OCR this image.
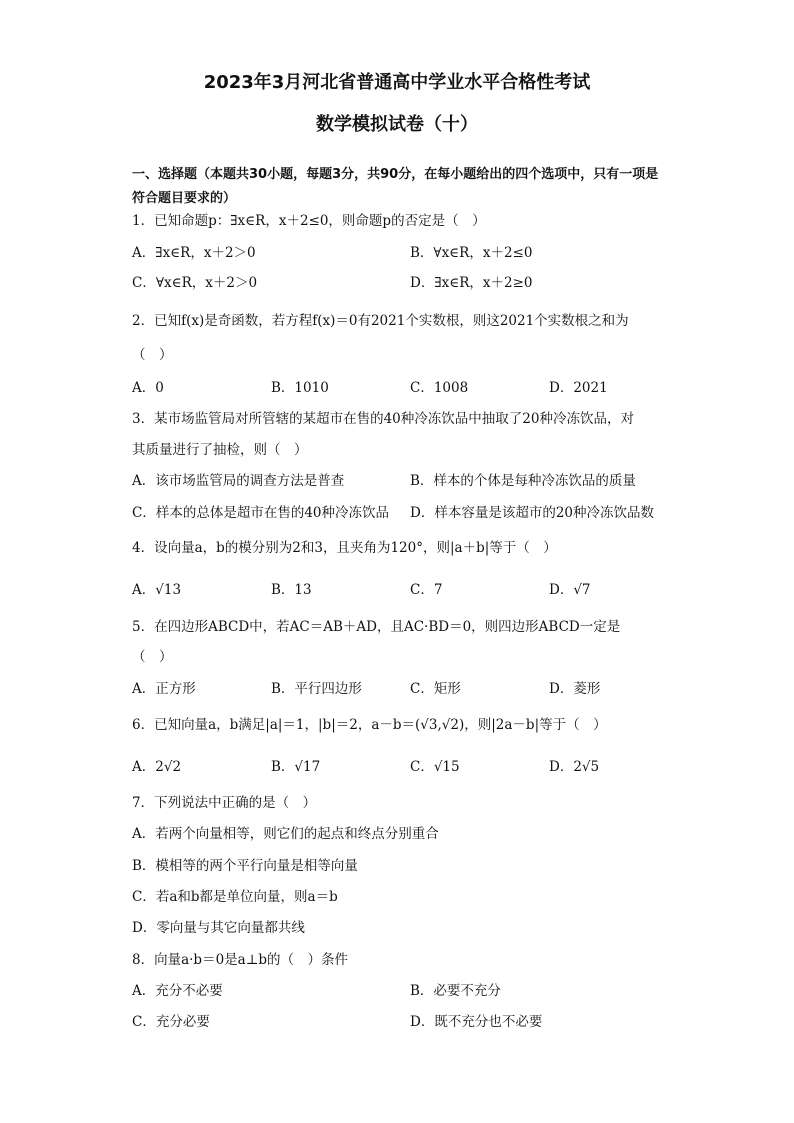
2023年3月河北省普通高中学业水平合格性考试
数学模拟试卷（十）
一、选择题（本题共30小题，每题3分，共90分，在每小题给出的四个选项中，只有一项是符合题目要求的）
1．已知命题p：∃x∈R，x＋2≤0，则命题p的否定是（　）
A．∃x∈R，x＋2＞0	B．∀x∈R，x＋2≤0
C．∀x∈R，x＋2＞0	D．∃x∈R，x＋2≥0
2．已知f(x)是奇函数，若方程f(x)＝0有2021个实数根，则这2021个实数根之和为
（　）
A．0	B．1010	C．1008	D．2021
3．某市场监管局对所管辖的某超市在售的40种冷冻饮品中抽取了20种冷冻饮品，对
其质量进行了抽检，则（　）
A．该市场监管局的调查方法是普查	B．样本的个体是每种冷冻饮品的质量
C．样本的总体是超市在售的40种冷冻饮品 D．样本容量是该超市的20种冷冻饮品数
4．设向量a，b的模分别为2和3，且夹角为120°，则|a＋b|等于（　）
A．√13	B．13	C．7	D．√7
5．在四边形ABCD中，若AC＝AB＋AD，且AC·BD＝0，则四边形ABCD一定是
（　）
A．正方形	B．平行四边形	C．矩形	D．菱形
6．已知向量a，b满足|a|＝1，|b|＝2，a－b＝(√3,√2)，则|2a－b|等于（　）
A．2√2	B．√17	C．√15	D．2√5
7．下列说法中正确的是（　）
A．若两个向量相等，则它们的起点和终点分别重合
B．模相等的两个平行向量是相等向量
C．若a和b都是单位向量，则a＝b
D．零向量与其它向量都共线
8．向量a·b＝0是a⊥b的（　）条件
A．充分不必要	B．必要不充分
C．充分必要	D．既不充分也不必要
